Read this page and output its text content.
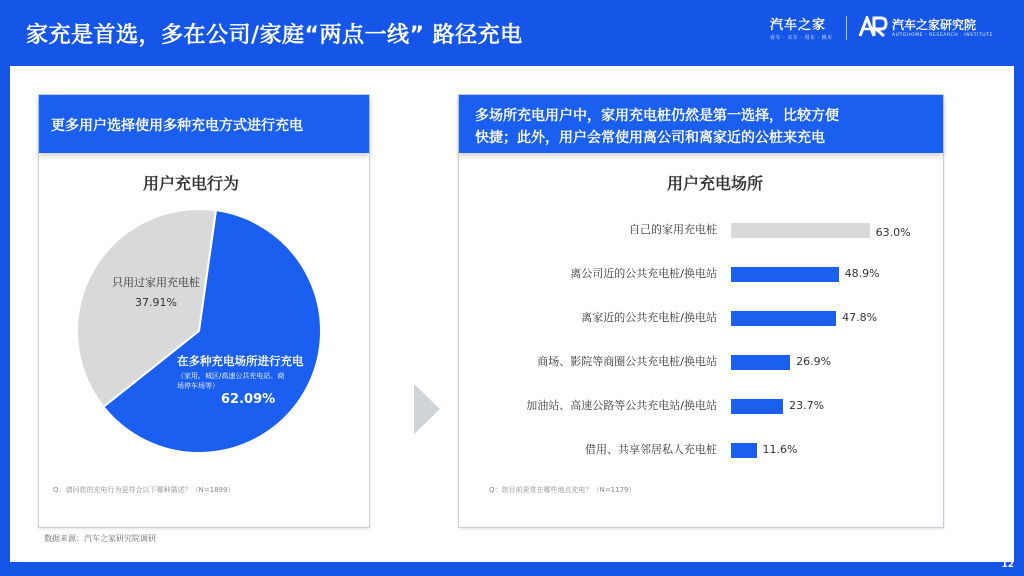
家充是首选，多在公司/家庭“两点一线” 路径充电	汽车之家
看车 · 买车 · 用车 · 换车
汽车之家研究院
AUTOHOME · RESEARCH · INSTITUTE
更多用户选择使用多种充电方式进行充电
用户充电行为
只用过家用充电桩
37.91%
在多种充电场所进行充电
（家用、城区/高速公共充电站、商场停车场等）
62.09%
Q：请问您的充电行为更符合以下哪种描述？（N=1899）
多场所充电用户中，家用充电桩仍然是第一选择，比较方便
快捷；此外，用户会常使用离公司和离家近的公桩来充电
用户充电场所
自己的家用充电桩	63.0%
离公司近的公共充电桩/换电站	48.9%
离家近的公共充电桩/换电站	47.8%
商场、影院等商圈公共充电桩/换电站	26.9%
加油站、高速公路等公共充电站/换电站	23.7%
借用、共享邻居私人充电桩	11.6%
Q：您目前更常在哪些地点充电？（N=1179）
数据来源：汽车之家研究院调研
12
